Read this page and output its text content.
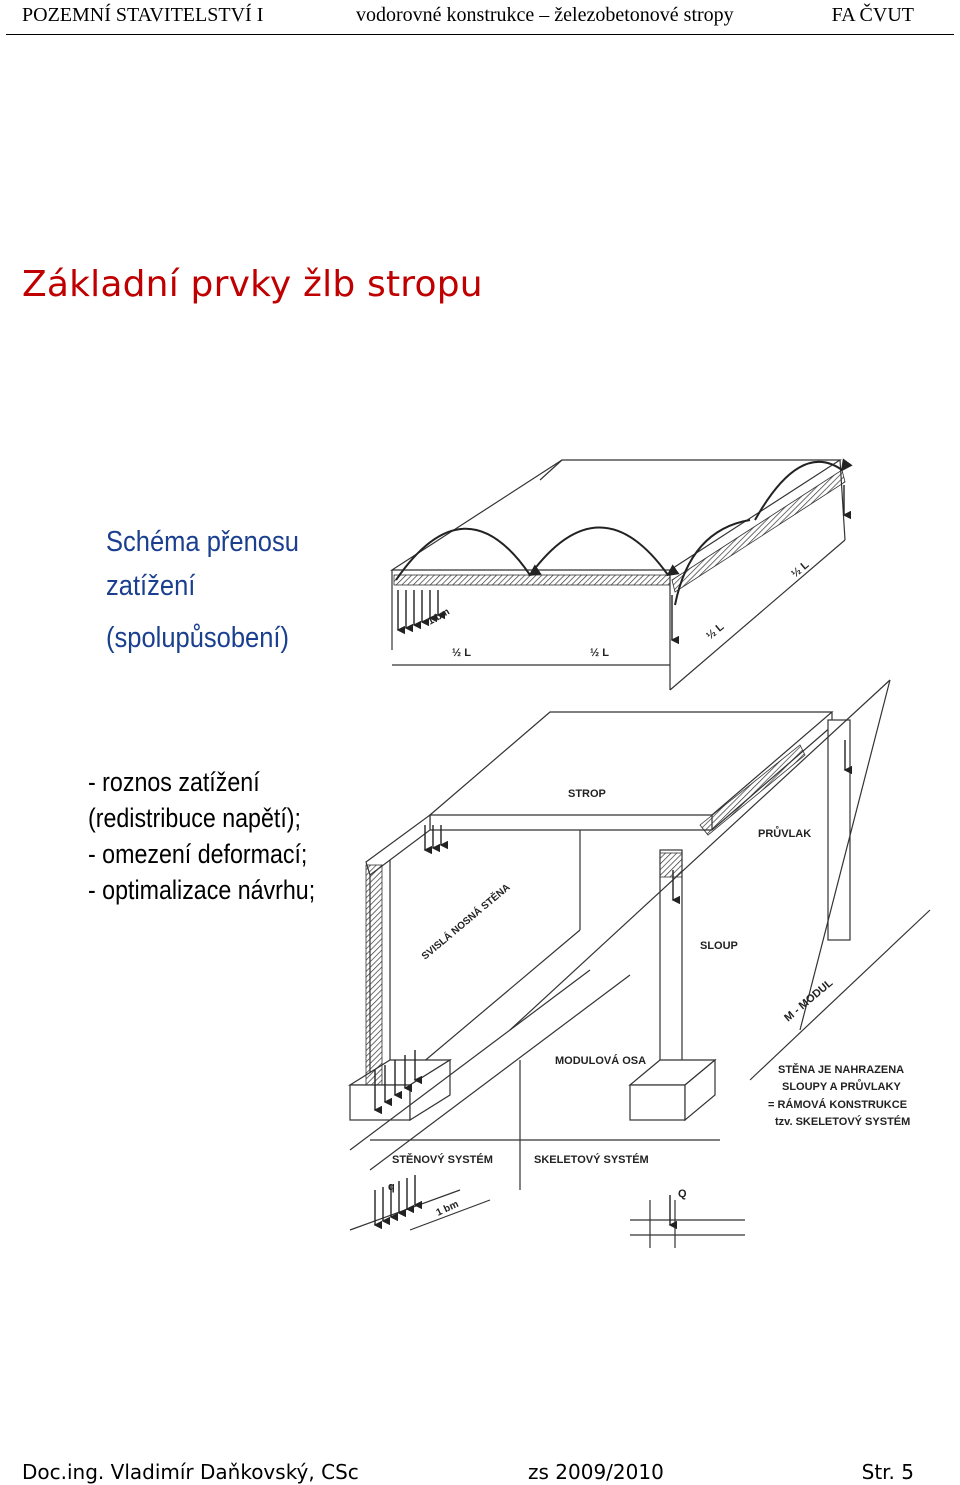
POZEMNÍ STAVITELSTVÍ I	vodorovné konstrukce – železobetonové stropy	FA ČVUT
Základní prvky žlb stropu
Schéma přenosu
zatížení
(spolupůsobení)
- roznos zatížení
(redistribuce napětí);
- omezení deformací;
- optimalizace návrhu;
½ L	½ L
½ L
½ L
1 bm
STROP
PRŮVLAK
SLOUP
SVISLÁ NOSNÁ STĚNA
M - MODUL
MODULOVÁ OSA
STĚNA JE NAHRAZENA
SLOUPY A PRŮVLAKY
= RÁMOVÁ KONSTRUKCE
tzv. SKELETOVÝ SYSTÉM
STĚNOVÝ SYSTÉM	SKELETOVÝ SYSTÉM
q
1 bm
Q
Doc.ing. Vladimír Daňkovský, CSc	zs 2009/2010	Str. 5
